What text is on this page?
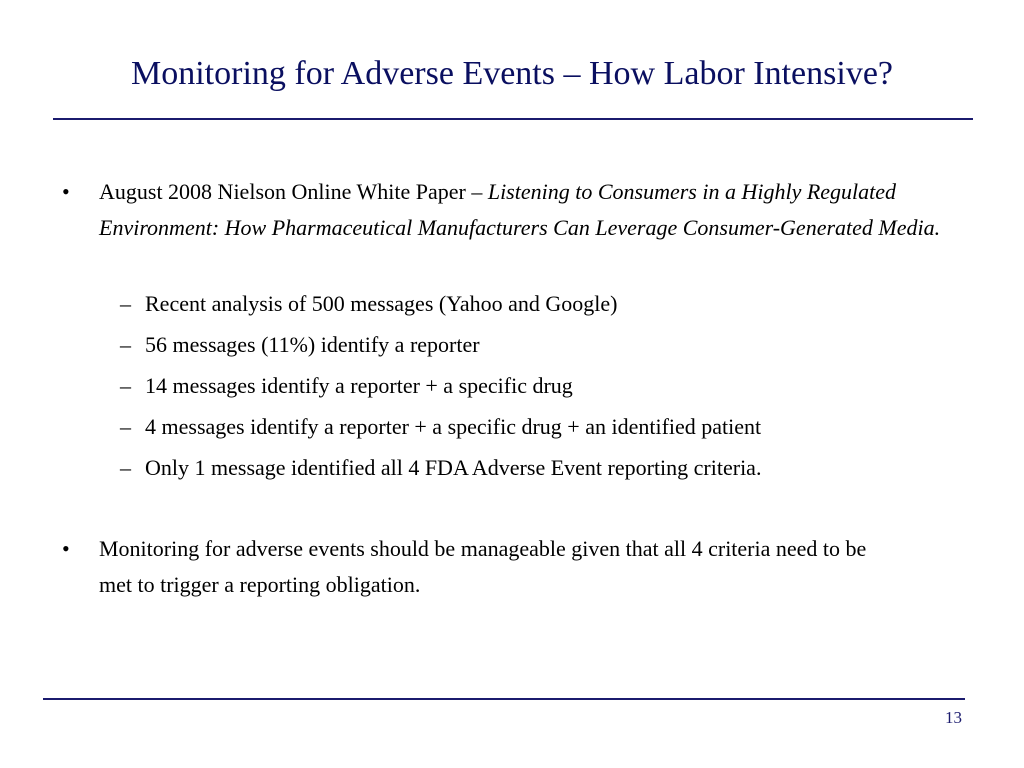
Monitoring for Adverse Events – How Labor Intensive?
• August 2008 Nielson Online White Paper – Listening to Consumers in a Highly Regulated Environment: How Pharmaceutical Manufacturers Can Leverage Consumer-Generated Media.
– Recent analysis of 500 messages (Yahoo and Google)
– 56 messages (11%) identify a reporter
– 14 messages identify a reporter + a specific drug
– 4 messages identify a reporter + a specific drug + an identified patient
– Only 1 message identified all 4 FDA Adverse Event reporting criteria.
• Monitoring for adverse events should be manageable given that all 4 criteria need to be met to trigger a reporting obligation.
13
